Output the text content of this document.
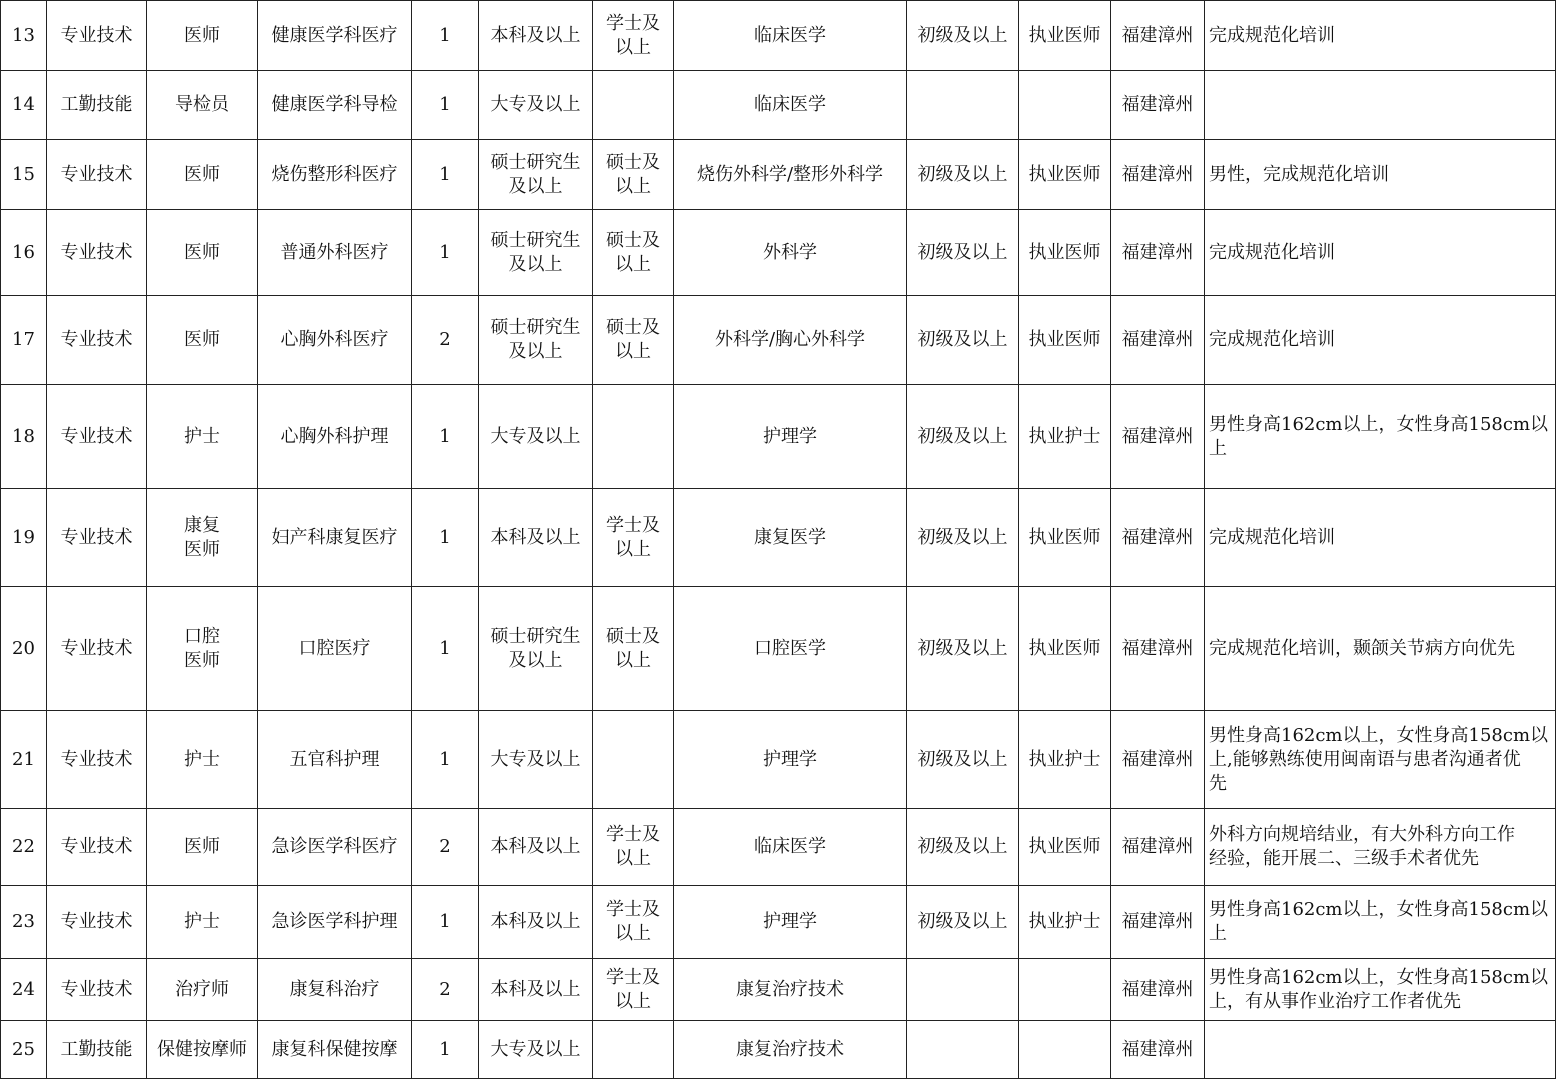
13	专业技术	医师	健康医学科医疗	1	本科及以上	学士及
以上	临床医学	初级及以上	执业医师	福建漳州	完成规范化培训
14	工勤技能	导检员	健康医学科导检	1	大专及以上		临床医学			福建漳州	
15	专业技术	医师	烧伤整形科医疗	1	硕士研究生
及以上	硕士及
以上	烧伤外科学/整形外科学	初级及以上	执业医师	福建漳州	男性，完成规范化培训
16	专业技术	医师	普通外科医疗	1	硕士研究生
及以上	硕士及
以上	外科学	初级及以上	执业医师	福建漳州	完成规范化培训
17	专业技术	医师	心胸外科医疗	2	硕士研究生
及以上	硕士及
以上	外科学/胸心外科学	初级及以上	执业医师	福建漳州	完成规范化培训
18	专业技术	护士	心胸外科护理	1	大专及以上		护理学	初级及以上	执业护士	福建漳州	男性身高162cm以上，女性身高158cm以
上
19	专业技术	康复
医师	妇产科康复医疗	1	本科及以上	学士及
以上	康复医学	初级及以上	执业医师	福建漳州	完成规范化培训
20	专业技术	口腔
医师	口腔医疗	1	硕士研究生
及以上	硕士及
以上	口腔医学	初级及以上	执业医师	福建漳州	完成规范化培训，颞颌关节病方向优先
21	专业技术	护士	五官科护理	1	大专及以上		护理学	初级及以上	执业护士	福建漳州	男性身高162cm以上，女性身高158cm以
上,能够熟练使用闽南语与患者沟通者优
先
22	专业技术	医师	急诊医学科医疗	2	本科及以上	学士及
以上	临床医学	初级及以上	执业医师	福建漳州	外科方向规培结业，有大外科方向工作
经验，能开展二、三级手术者优先
23	专业技术	护士	急诊医学科护理	1	本科及以上	学士及
以上	护理学	初级及以上	执业护士	福建漳州	男性身高162cm以上，女性身高158cm以
上
24	专业技术	治疗师	康复科治疗	2	本科及以上	学士及
以上	康复治疗技术			福建漳州	男性身高162cm以上，女性身高158cm以
上，有从事作业治疗工作者优先
25	工勤技能	保健按摩师	康复科保健按摩	1	大专及以上		康复治疗技术			福建漳州	
